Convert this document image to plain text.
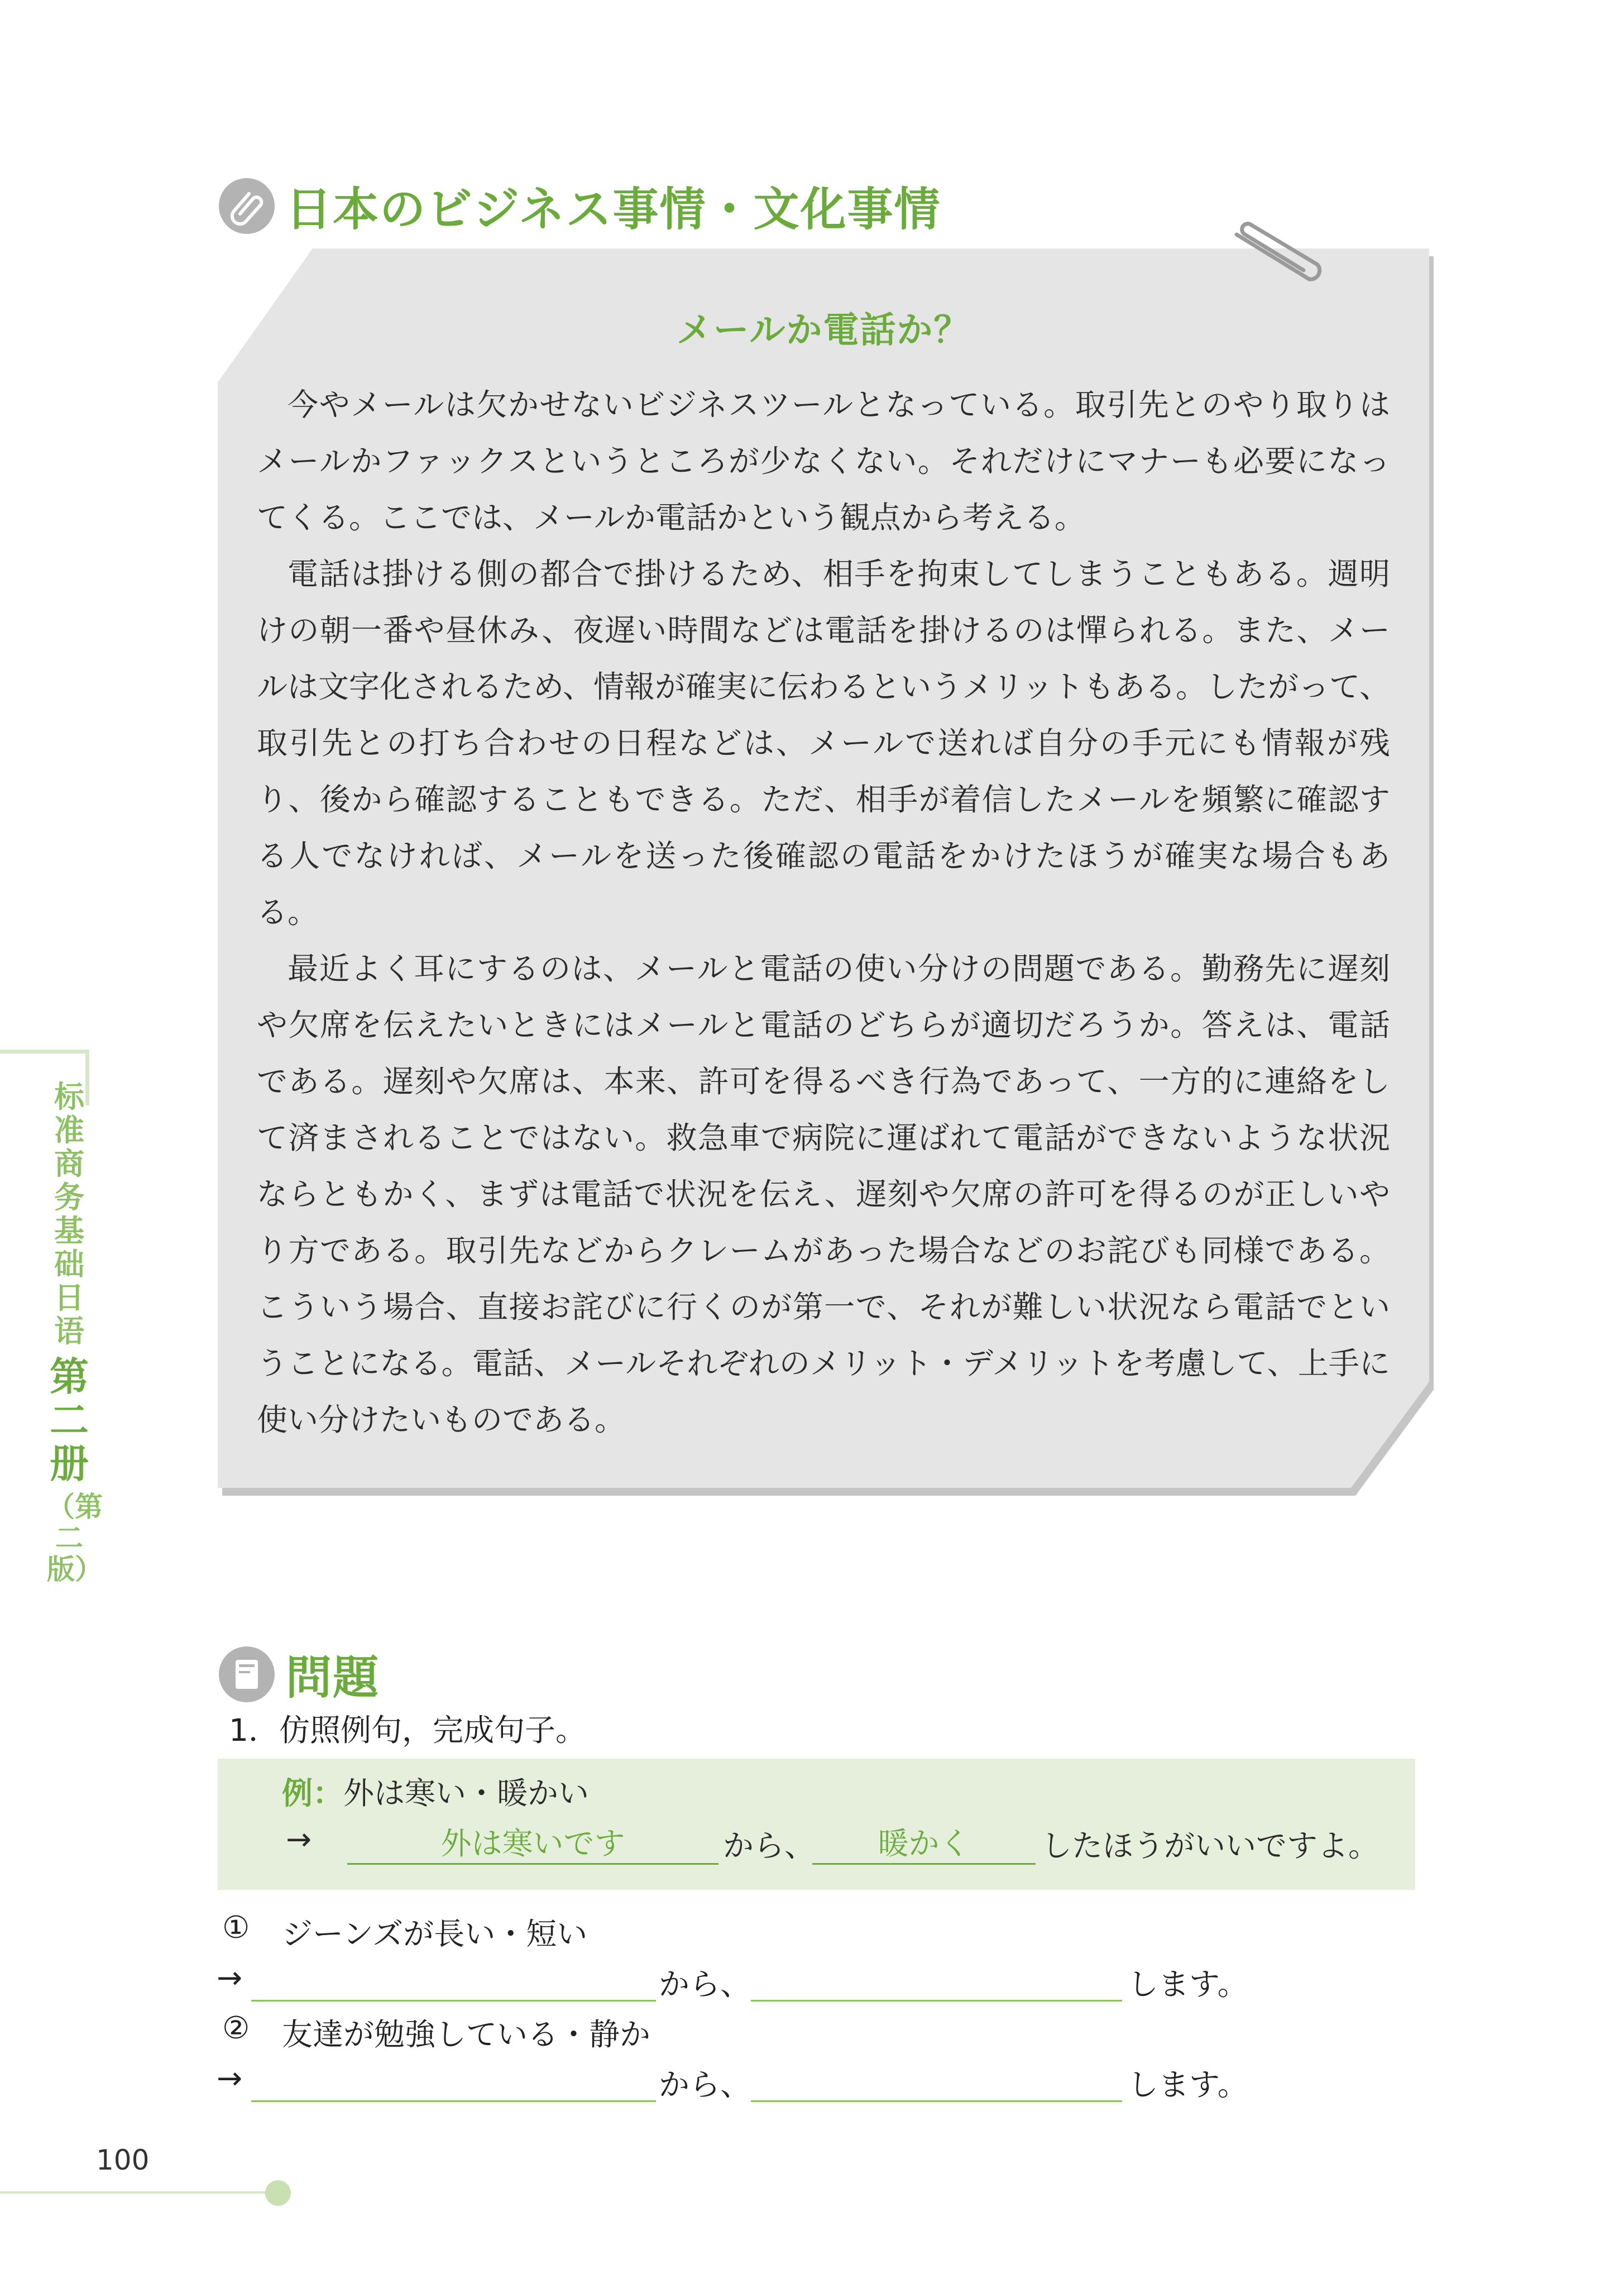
日本のビジネス事情・文化事情
メールか電話か？

今やメールは欠かせないビジネスツールとなっている。取引先とのやり取りはメールかファックスというところが少なくない。それだけにマナーも必要になってくる。ここでは、メールか電話かという観点から考える。

電話は掛ける側の都合で掛けるため、相手を拘束してしまうこともある。週明けの朝一番や昼休み、夜遅い時間などは電話を掛けるのは憚られる。また、メールは文字化されるため、情報が確実に伝わるというメリットもある。したがって、取引先との打ち合わせの日程などは、メールで送れば自分の手元にも情報が残り、後から確認することもできる。ただ、相手が着信したメールを頻繁に確認する人でなければ、メールを送った後確認の電話をかけたほうが確実な場合もある。

最近よく耳にするのは、メールと電話の使い分けの問題である。勤務先に遅刻や欠席を伝えたいときにはメールと電話のどちらが適切だろうか。答えは、電話である。遅刻や欠席は、本来、許可を得るべき行為であって、一方的に連絡をして済まされることではない。救急車で病院に運ばれて電話ができないような状況ならともかく、まずは電話で状況を伝え、遅刻や欠席の許可を得るのが正しいやり方である。取引先などからクレームがあった場合などのお詫びも同様である。こういう場合、直接お詫びに行くのが第一で、それが難しい状況なら電話でということになる。電話、メールそれぞれのメリット・デメリットを考慮して、上手に使い分けたいものである。

标准商务基础日语
第二册
（第二版）
問題
1．仿照例句，完成句子。
例：外は寒い・暖かい
→	外は寒いです	から、	暖かく	したほうがいいですよ。
① ジーンズが長い・短い
→	から、	します。
② 友達が勉強している・静か
→	から、	します。
100
